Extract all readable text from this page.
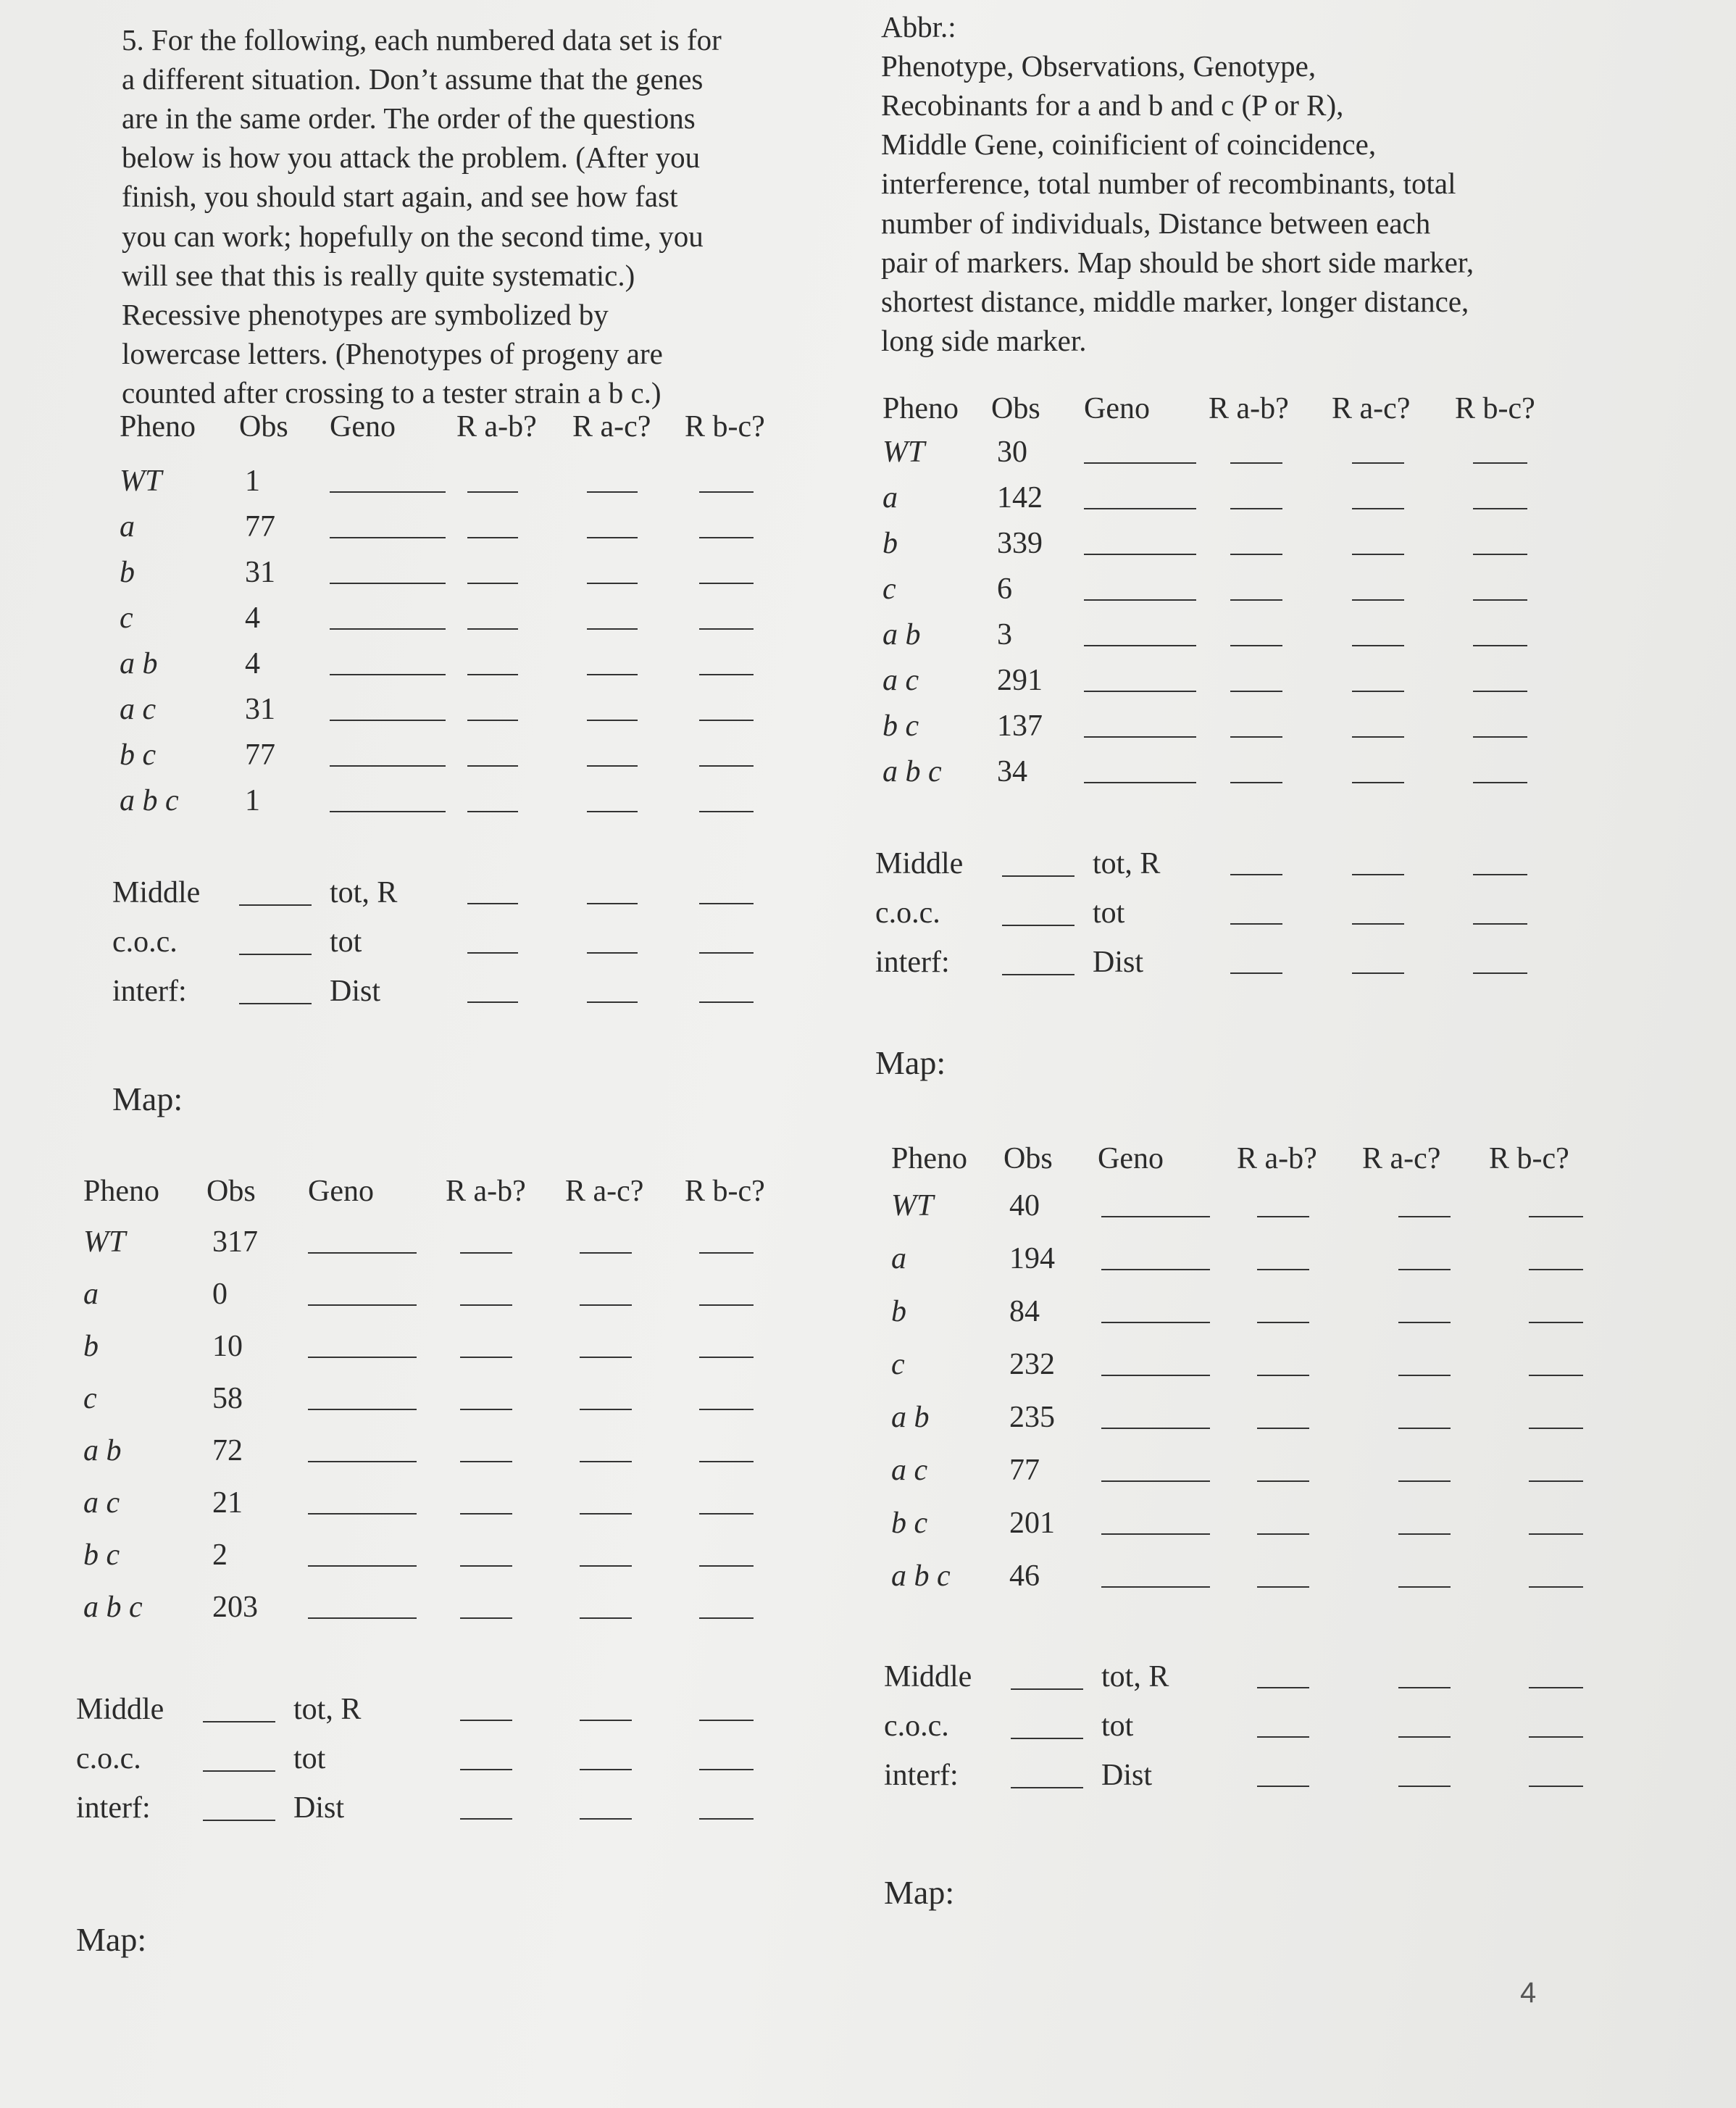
5. For the following, each numbered data set is for

a different situation. Don’t assume that the genes

are in the same order. The order of the questions

below is how you attack the problem. (After you

finish, you should start again, and see how fast

you can work; hopefully on the second time, you

will see that this is really quite systematic.)

Recessive phenotypes are symbolized by

lowercase letters. (Phenotypes of progeny are

counted after crossing to a tester strain a b c.)

Abbr.:

Phenotype, Observations, Genotype,

Recobinants for a and b and c (P or R),

Middle Gene, coinificient of coincidence,

interference, total number of recombinants, total

number of individuals, Distance between each

pair of markers. Map should be short side marker,

shortest distance, middle marker, longer distance,

long side marker.

Pheno Obs Geno R a-b? R a-c? R b-c?
WT	1
a	77
b	31
c	4
a b	4
a c	31
b c	77
a b c 1
Middle	tot, R
c.o.c.	tot
interf:	Dist
Map:
Pheno Obs Geno R a-b? R a-c? R b-c?
WT 30
a	142
b	339
c	6
a b	3
a c	291
b c	137
a b c 34
Middle	tot, R
c.o.c.	tot
interf:	Dist
Map:
Pheno Obs Geno R a-b? R a-c? R b-c?
WT	317
a	0
b	10
c	58
a b	72
a c	21
b c	2
a b c 203
Middle	tot, R
c.o.c.	tot
interf:	Dist
Map:
Pheno Obs Geno R a-b? R a-c? R b-c?
WT 40
a	194
b	84
c	232
a b	235
a c	77
b c	201
a b c 46
Middle	tot, R
c.o.c.	tot
interf:	Dist
Map:
4
